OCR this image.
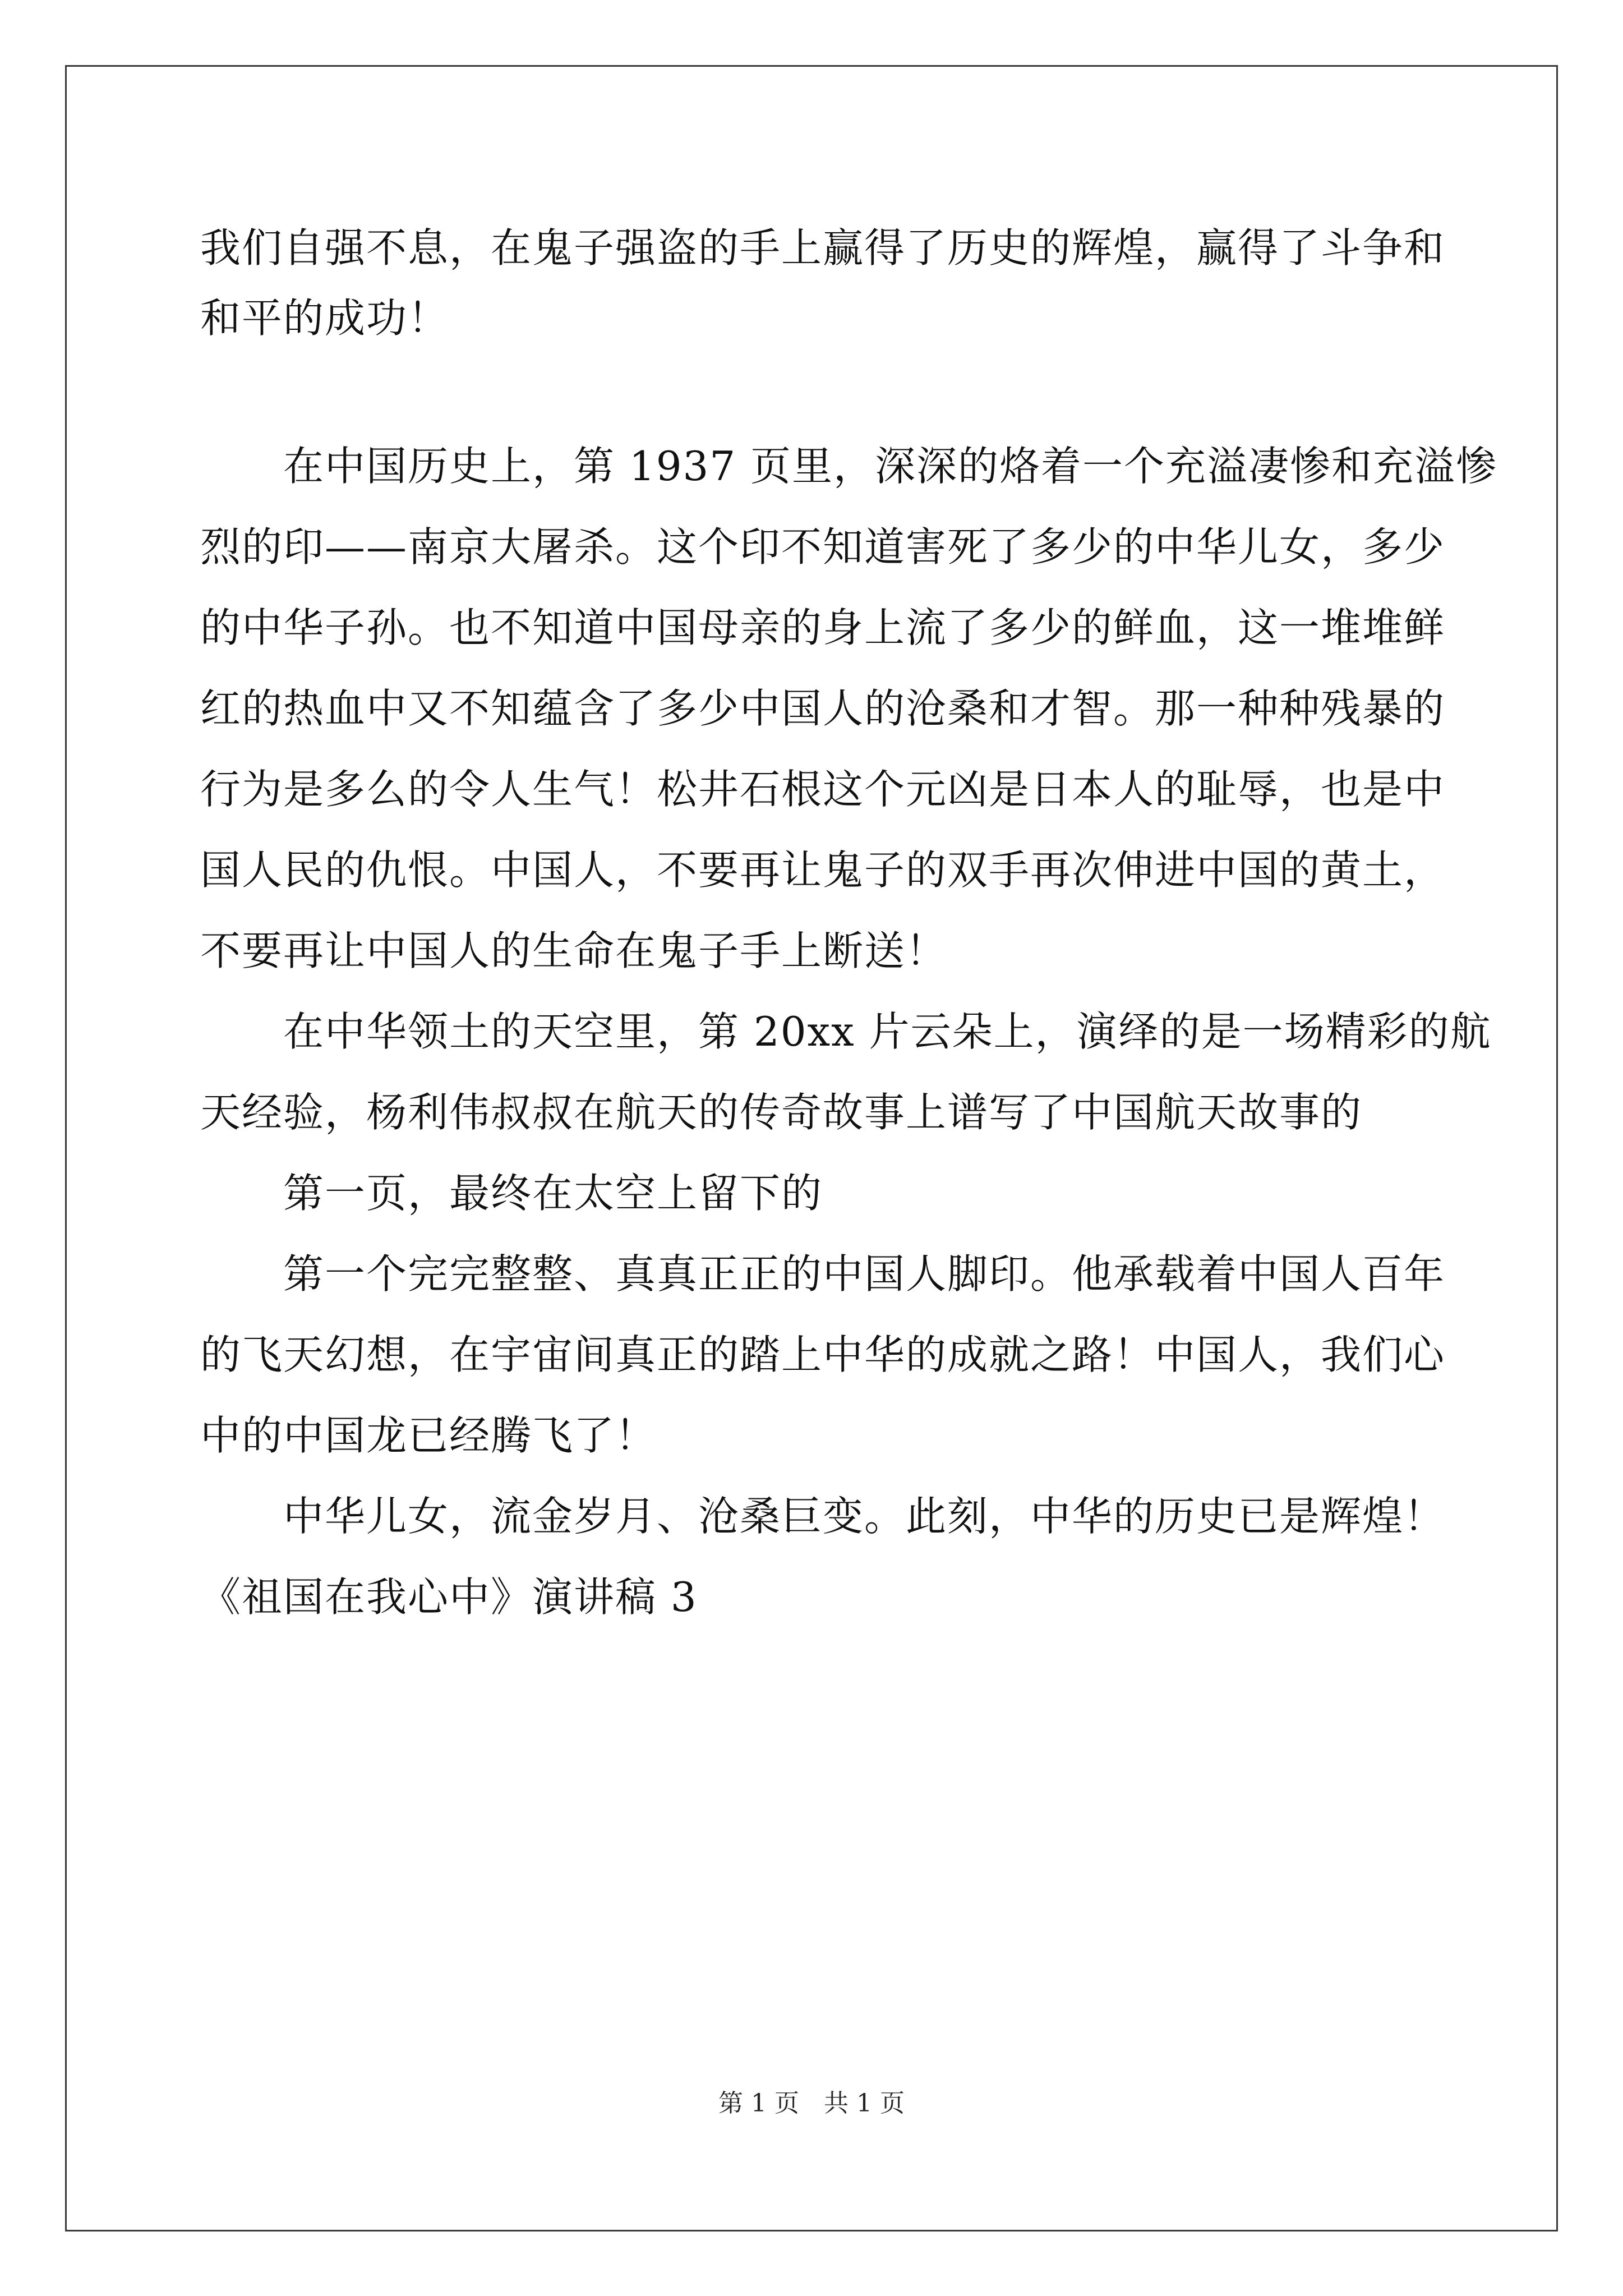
我们自强不息，在鬼子强盗的手上赢得了历史的辉煌，赢得了斗争和
和平的成功！
　　在中国历史上，第 1937 页里，深深的烙着一个充溢凄惨和充溢惨
烈的印——南京大屠杀。这个印不知道害死了多少的中华儿女，多少
的中华子孙。也不知道中国母亲的身上流了多少的鲜血，这一堆堆鲜
红的热血中又不知蕴含了多少中国人的沧桑和才智。那一种种残暴的
行为是多么的令人生气！松井石根这个元凶是日本人的耻辱，也是中
国人民的仇恨。中国人，不要再让鬼子的双手再次伸进中国的黄土，
不要再让中国人的生命在鬼子手上断送！
　　在中华领土的天空里，第 20xx 片云朵上，演绎的是一场精彩的航
天经验，杨利伟叔叔在航天的传奇故事上谱写了中国航天故事的
　　第一页，最终在太空上留下的
　　第一个完完整整、真真正正的中国人脚印。他承载着中国人百年
的飞天幻想，在宇宙间真正的踏上中华的成就之路！中国人，我们心
中的中国龙已经腾飞了！
　　中华儿女，流金岁月、沧桑巨变。此刻，中华的历史已是辉煌！
《祖国在我心中》演讲稿 3
第 1 页　共 1 页
